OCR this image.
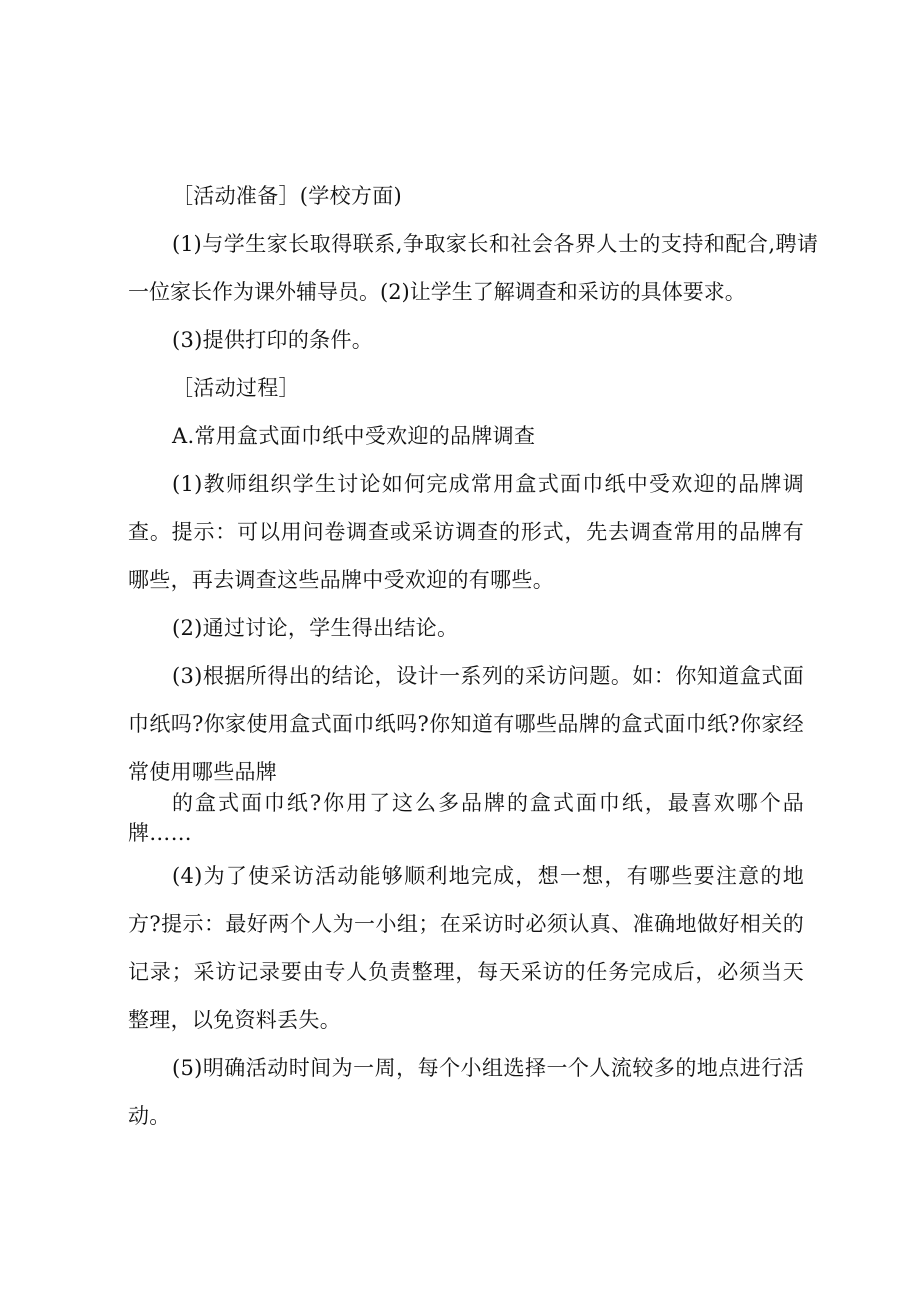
［活动准备］(学校方面)

(1)与学生家长取得联系,争取家长和社会各界人士的支持和配合,聘请一位家长作为课外辅导员。(2)让学生了解调查和采访的具体要求。

(3)提供打印的条件。

［活动过程］

A.常用盒式面巾纸中受欢迎的品牌调查

(1)教师组织学生讨论如何完成常用盒式面巾纸中受欢迎的品牌调查。提示：可以用问卷调查或采访调查的形式，先去调查常用的品牌有哪些，再去调查这些品牌中受欢迎的有哪些。

(2)通过讨论，学生得出结论。

(3)根据所得出的结论，设计一系列的采访问题。如：你知道盒式面巾纸吗?你家使用盒式面巾纸吗?你知道有哪些品牌的盒式面巾纸?你家经常使用哪些品牌

的盒式面巾纸?你用了这么多品牌的盒式面巾纸，最喜欢哪个品牌……

(4)为了使采访活动能够顺利地完成，想一想，有哪些要注意的地方?提示：最好两个人为一小组；在采访时必须认真、准确地做好相关的记录；采访记录要由专人负责整理，每天采访的任务完成后，必须当天整理，以免资料丢失。

(5)明确活动时间为一周，每个小组选择一个人流较多的地点进行活动。
